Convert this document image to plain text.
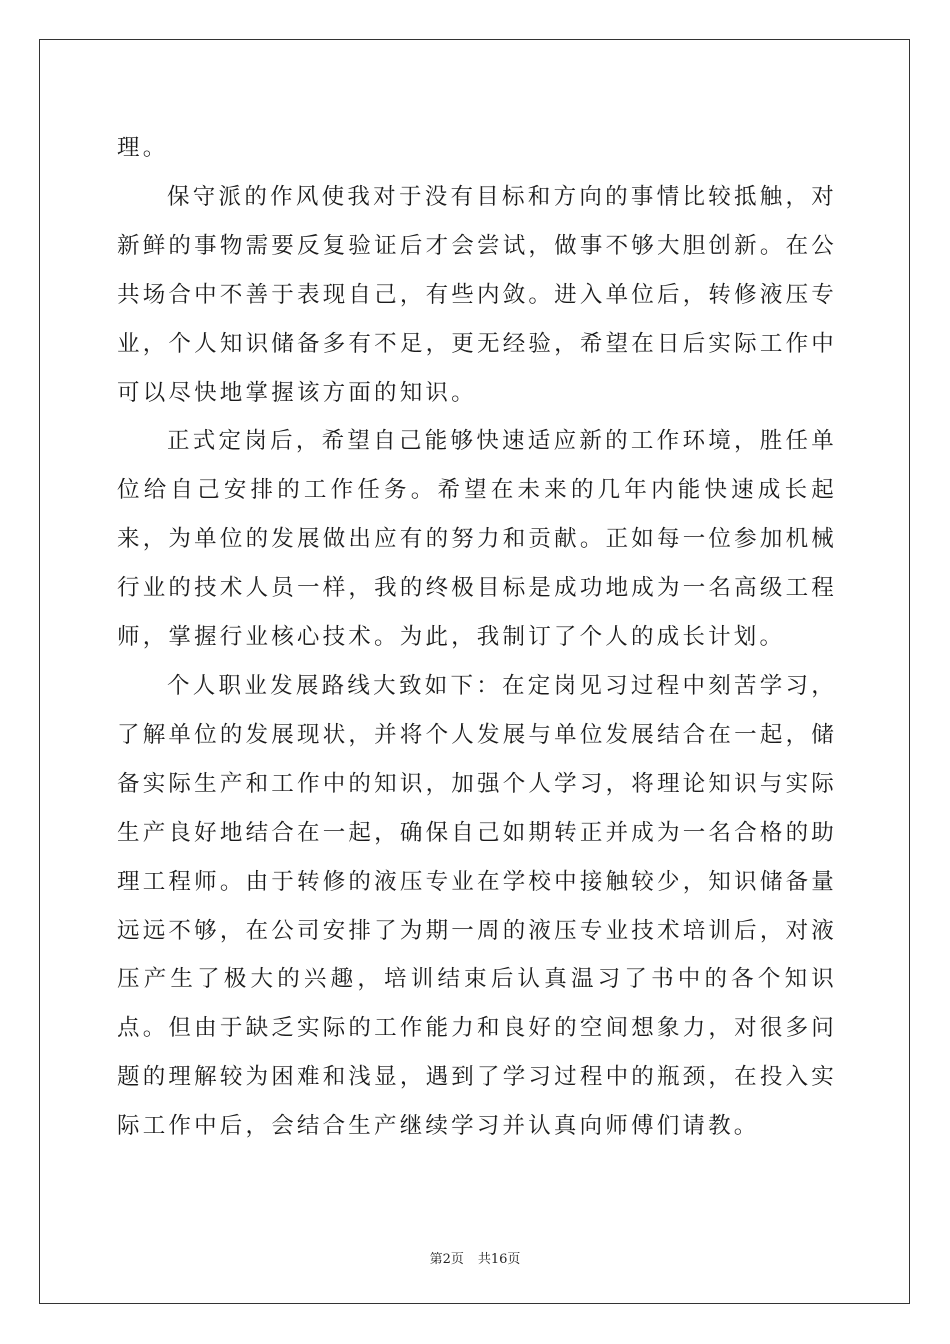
理。

保守派的作风使我对于没有目标和方向的事情比较抵触，对新鲜的事物需要反复验证后才会尝试，做事不够大胆创新。在公共场合中不善于表现自己，有些内敛。进入单位后，转修液压专业，个人知识储备多有不足，更无经验，希望在日后实际工作中可以尽快地掌握该方面的知识。

正式定岗后，希望自己能够快速适应新的工作环境，胜任单位给自己安排的工作任务。希望在未来的几年内能快速成长起来，为单位的发展做出应有的努力和贡献。正如每一位参加机械行业的技术人员一样，我的终极目标是成功地成为一名高级工程师，掌握行业核心技术。为此，我制订了个人的成长计划。

个人职业发展路线大致如下：在定岗见习过程中刻苦学习，了解单位的发展现状，并将个人发展与单位发展结合在一起，储备实际生产和工作中的知识，加强个人学习，将理论知识与实际生产良好地结合在一起，确保自己如期转正并成为一名合格的助理工程师。由于转修的液压专业在学校中接触较少，知识储备量远远不够，在公司安排了为期一周的液压专业技术培训后，对液压产生了极大的兴趣，培训结束后认真温习了书中的各个知识点。但由于缺乏实际的工作能力和良好的空间想象力，对很多问题的理解较为困难和浅显，遇到了学习过程中的瓶颈，在投入实际工作中后，会结合生产继续学习并认真向师傅们请教。

第2页 共16页
